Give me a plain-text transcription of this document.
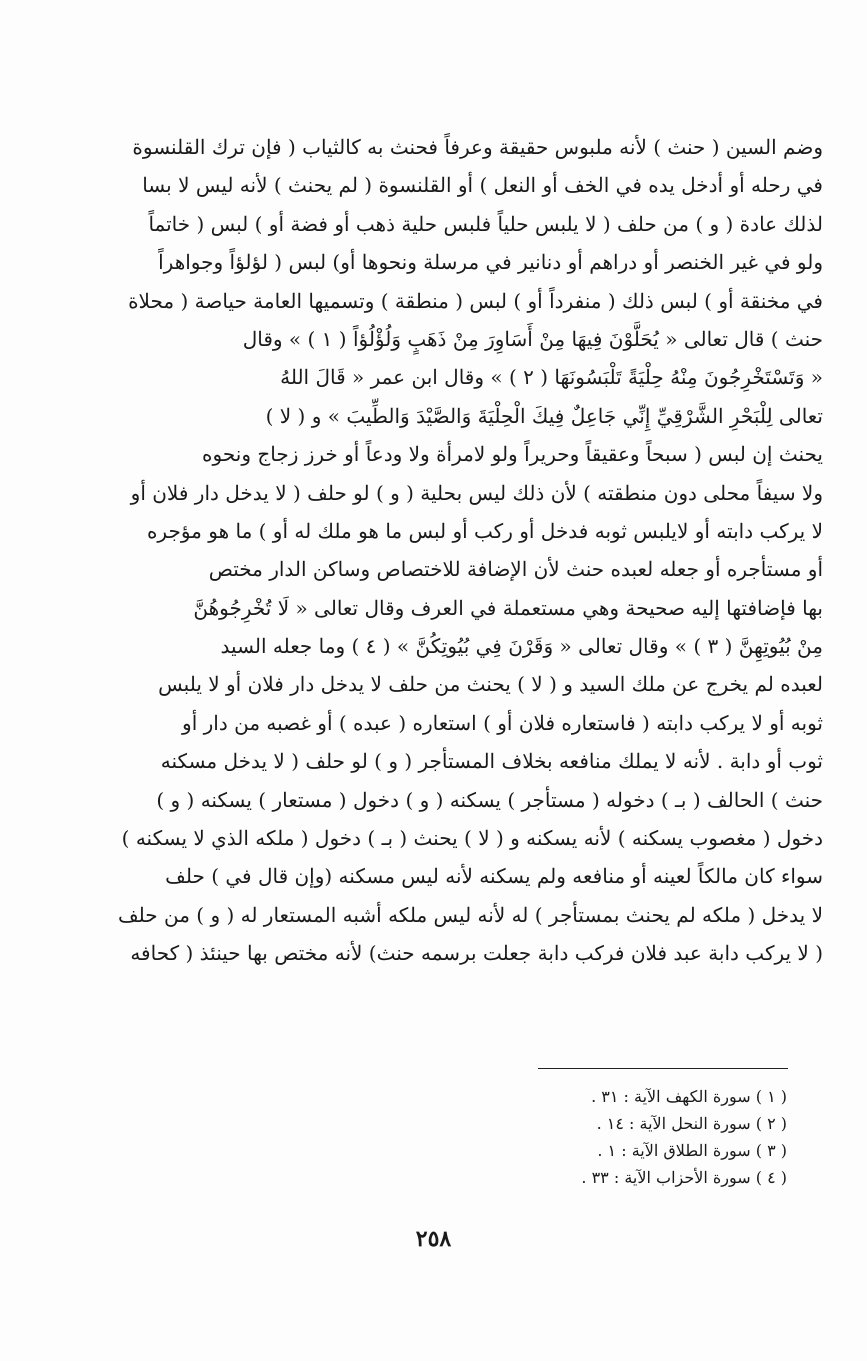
وضم السين ( حنث ) لأنه ملبوس حقيقة وعرفاً فحنث به كالثياب ( فإن ترك القلنسوة
في رحله أو أدخل يده في الخف أو النعل ) أو القلنسوة ( لم يحنث ) لأنه ليس لا بسا
لذلك عادة ( و ) من حلف ( لا يلبس حلياً فلبس حلية ذهب أو فضة أو ) لبس ( خاتماً
ولو في غير الخنصر أو دراهم أو دنانير في مرسلة ونحوها أو) لبس ( لؤلؤاً وجواهراً
في مخنقة أو ) لبس ذلك ( منفرداً أو ) لبس ( منطقة ) وتسميها العامة حياصة ( محلاة
حنث ) قال تعالى « يُحَلَّوْنَ فِيهَا مِنْ أَسَاوِرَ مِنْ ذَهَبٍ وَلُؤْلُؤاً ( ١ ) » وقال
« وَتَسْتَخْرِجُونَ مِنْهُ حِلْيَةً تَلْبَسُونَهَا ( ٢ ) » وقال ابن عمر « قَالَ اللهُ
تعالى لِلْبَحْرِ الشَّرْقِيِّ إِنِّي جَاعِلٌ فِيكَ الْحِلْيَةَ وَالصَّيْدَ وَالطِّيبَ » و ( لا )
يحنث إن لبس ( سبحاً وعقيقاً وحريراً ولو لامرأة ولا ودعاً أو خرز زجاج ونحوه
ولا سيفاً محلى دون منطقته ) لأن ذلك ليس بحلية ( و ) لو حلف ( لا يدخل دار فلان أو
لا يركب دابته أو لايلبس ثوبه فدخل أو ركب أو لبس ما هو ملك له أو ) ما هو مؤجره
أو مستأجره أو جعله لعبده حنث لأن الإضافة للاختصاص وساكن الدار مختص
بها فإضافتها إليه صحيحة وهي مستعملة في العرف وقال تعالى « لَا تُخْرِجُوهُنَّ
مِنْ بُيُوتِهِنَّ ( ٣ ) » وقال تعالى « وَقَرْنَ فِي بُيُوتِكُنَّ » ( ٤ ) وما جعله السيد
لعبده لم يخرج عن ملك السيد و ( لا ) يحنث من حلف لا يدخل دار فلان أو لا يلبس
ثوبه أو لا يركب دابته ( فاستعاره فلان أو ) استعاره ( عبده ) أو غصبه من دار أو
ثوب أو دابة . لأنه لا يملك منافعه بخلاف المستأجر ( و ) لو حلف ( لا يدخل مسكنه
حنث ) الحالف ( بـ ) دخوله ( مستأجر ) يسكنه ( و ) دخول ( مستعار ) يسكنه ( و )
دخول ( مغصوب يسكنه ) لأنه يسكنه و ( لا ) يحنث ( بـ ) دخول ( ملكه الذي لا يسكنه )
سواء كان مالكاً لعينه أو منافعه ولم يسكنه لأنه ليس مسكنه (وإن قال في ) حلف
لا يدخل ( ملكه لم يحنث بمستأجر ) له لأنه ليس ملكه أشبه المستعار له ( و ) من حلف
( لا يركب دابة عبد فلان فركب دابة جعلت برسمه حنث) لأنه مختص بها حينئذ ( كحافه
( ١ ) سورة الكهف الآية : ٣١ .
( ٢ ) سورة النحل الآية : ١٤ .
( ٣ ) سورة الطلاق الآية : ١ .
( ٤ ) سورة الأحزاب الآية : ٣٣ .
٢٥٨
